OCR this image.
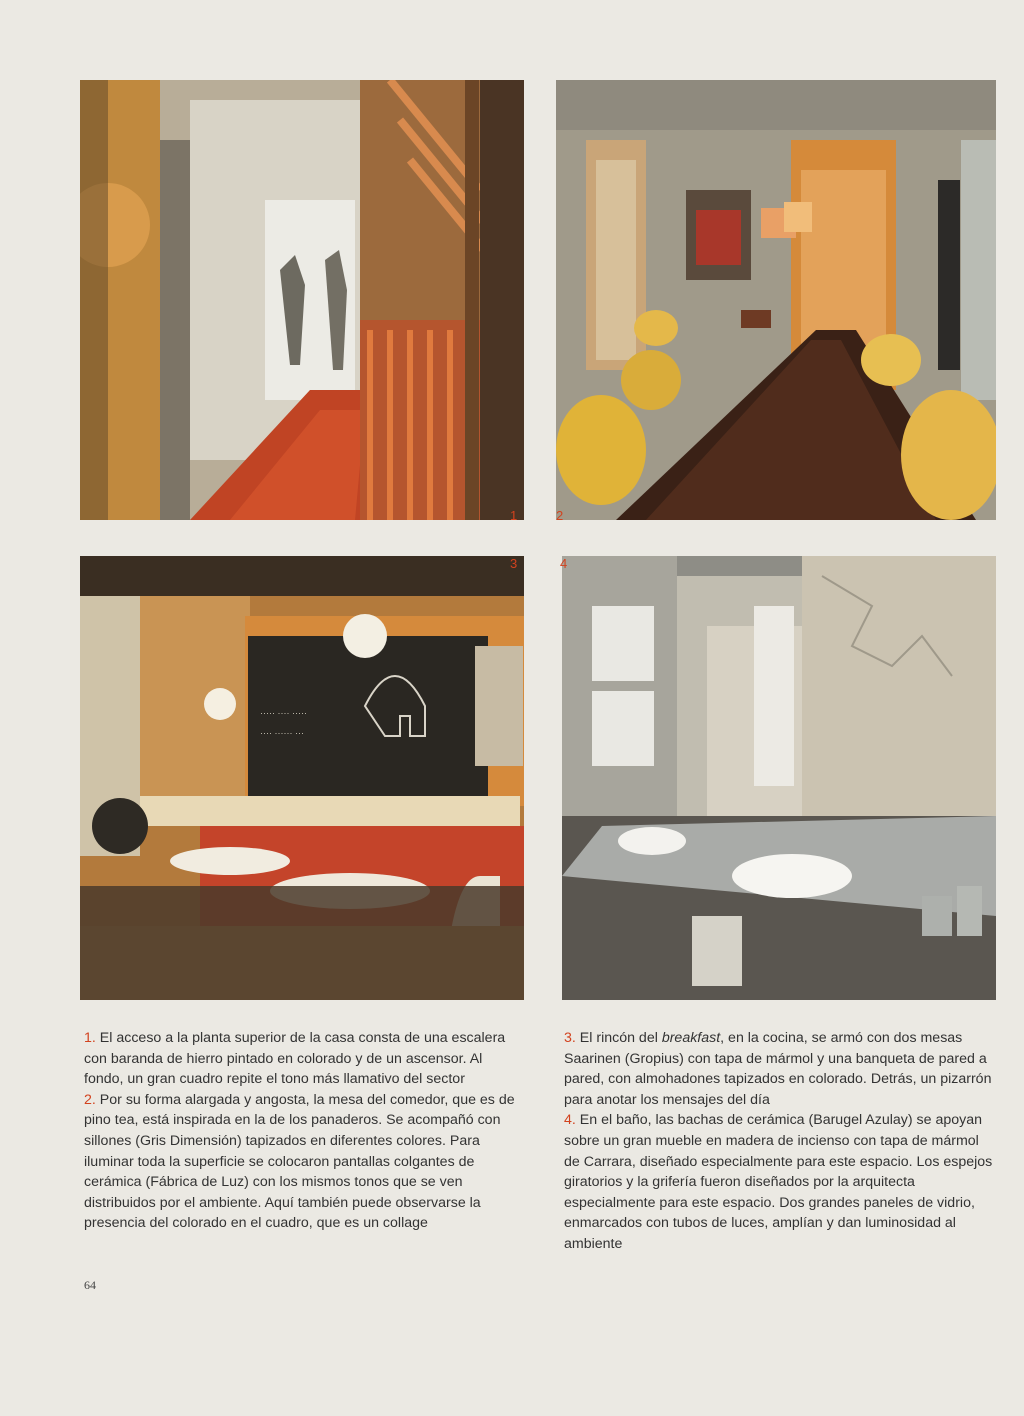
1	2
····· ···· ·····
···· ······ ···
3	4

1. El acceso a la planta superior de la casa consta de una escalera con baranda de hierro pintado en colorado y de un ascensor. Al fondo, un gran cuadro repite el tono más llamativo del sector

2. Por su forma alargada y angosta, la mesa del comedor, que es de pino tea, está inspirada en la de los panaderos. Se acompañó con sillones (Gris Dimensión) tapizados en diferentes colores. Para iluminar toda la superficie se colocaron pantallas colgantes de cerámica (Fábrica de Luz) con los mismos tonos que se ven distribuidos por el ambiente. Aquí también puede observarse la presencia del colorado en el cuadro, que es un collage

3. El rincón del breakfast, en la cocina, se armó con dos mesas Saarinen (Gropius) con tapa de mármol y una banqueta de pared a pared, con almohadones tapizados en colorado. Detrás, un pizarrón para anotar los mensajes del día

4. En el baño, las bachas de cerámica (Barugel Azulay) se apoyan sobre un gran mueble en madera de incienso con tapa de mármol de Carrara, diseñado especialmente para este espacio. Los espejos giratorios y la grifería fueron diseñados por la arquitecta especialmente para este espacio. Dos grandes paneles de vidrio, enmarcados con tubos de luces, amplían y dan luminosidad al ambiente

64
